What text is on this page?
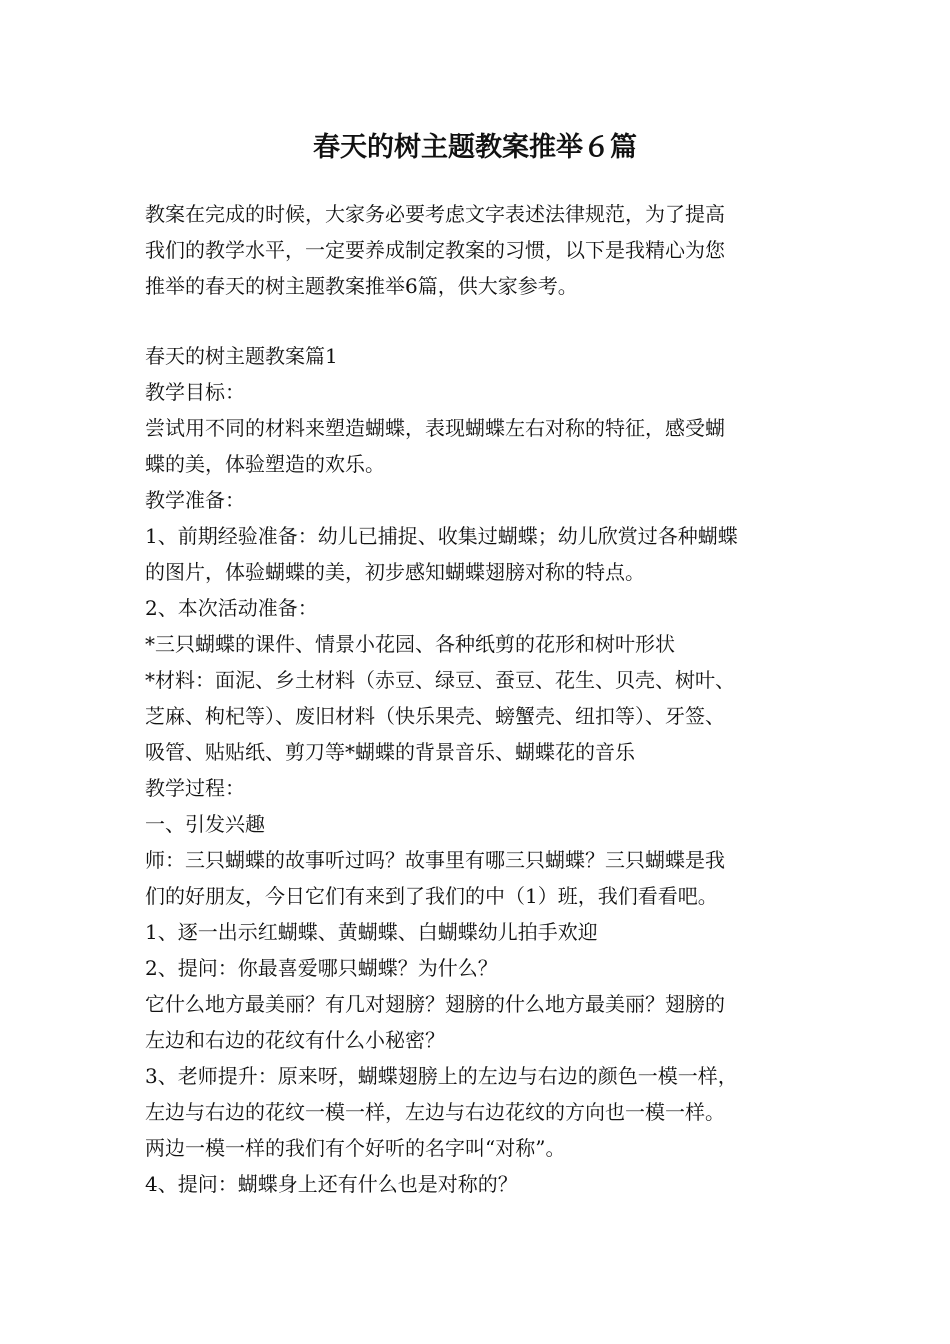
春天的树主题教案推举６篇

教案在完成的时候，大家务必要考虑文字表述法律规范，为了提高

我们的教学水平，一定要养成制定教案的习惯，以下是我精心为您

推举的春天的树主题教案推举6篇，供大家参考。

春天的树主题教案篇1

教学目标：

尝试用不同的材料来塑造蝴蝶，表现蝴蝶左右对称的特征，感受蝴

蝶的美，体验塑造的欢乐。

教学准备：

1、前期经验准备：幼儿已捕捉、收集过蝴蝶；幼儿欣赏过各种蝴蝶

的图片，体验蝴蝶的美，初步感知蝴蝶翅膀对称的特点。

2、本次活动准备：

*三只蝴蝶的课件、情景小花园、各种纸剪的花形和树叶形状

*材料：面泥、乡土材料（赤豆、绿豆、蚕豆、花生、贝壳、树叶、

芝麻、枸杞等）、废旧材料（快乐果壳、螃蟹壳、纽扣等）、牙签、

吸管、贴贴纸、剪刀等*蝴蝶的背景音乐、蝴蝶花的音乐

教学过程：

一、引发兴趣

师：三只蝴蝶的故事听过吗？故事里有哪三只蝴蝶？三只蝴蝶是我

们的好朋友，今日它们有来到了我们的中（1）班，我们看看吧。

1、逐一出示红蝴蝶、黄蝴蝶、白蝴蝶幼儿拍手欢迎

2、提问：你最喜爱哪只蝴蝶？为什么？

它什么地方最美丽？有几对翅膀？翅膀的什么地方最美丽？翅膀的

左边和右边的花纹有什么小秘密？

3、老师提升：原来呀，蝴蝶翅膀上的左边与右边的颜色一模一样，

左边与右边的花纹一模一样，左边与右边花纹的方向也一模一样。

两边一模一样的我们有个好听的名字叫“对称”。

4、提问：蝴蝶身上还有什么也是对称的？
